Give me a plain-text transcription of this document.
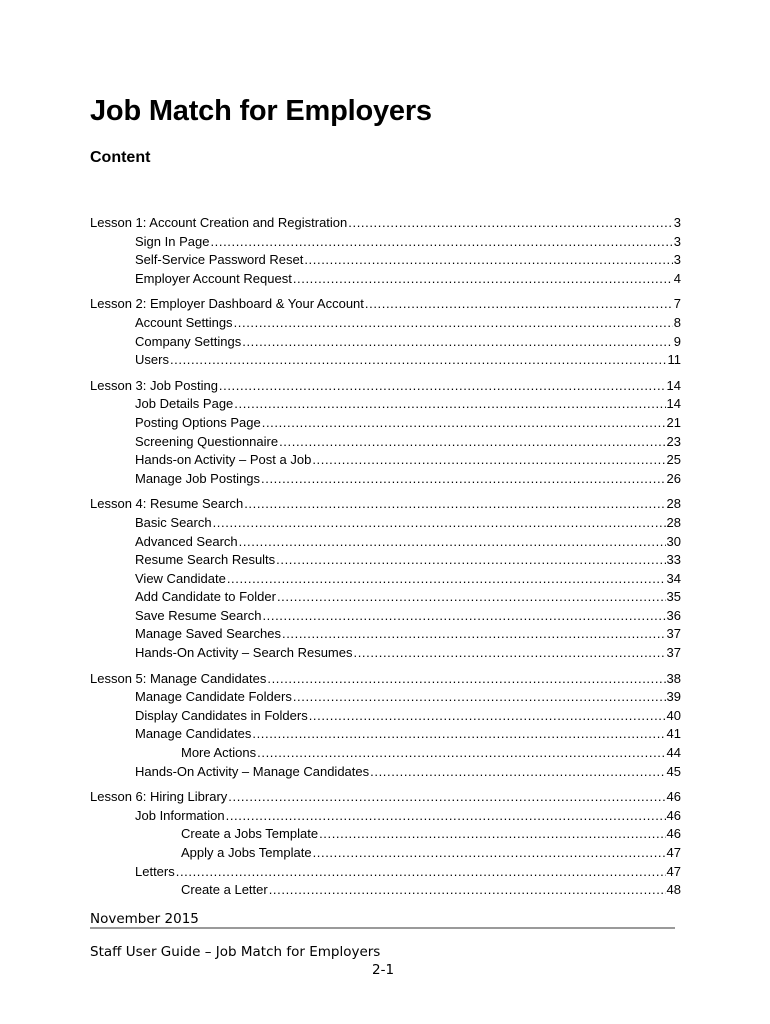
Job Match for Employers
Content
Lesson 1: Account Creation and Registration .....	3
Sign In Page .....	3
Self-Service Password Reset .....	3
Employer Account Request .....	4
Lesson 2: Employer Dashboard & Your Account .....	7
Account Settings .....	8
Company Settings .....	9
Users .....	11
Lesson 3: Job Posting .....	14
Job Details Page .....	14
Posting Options Page .....	21
Screening Questionnaire .....	23
Hands-on Activity – Post a Job .....	25
Manage Job Postings .....	26
Lesson 4: Resume Search .....	28
Basic Search .....	28
Advanced Search .....	30
Resume Search Results .....	33
View Candidate .....	34
Add Candidate to Folder .....	35
Save Resume Search .....	36
Manage Saved Searches .....	37
Hands-On Activity – Search Resumes .....	37
Lesson 5: Manage Candidates .....	38
Manage Candidate Folders .....	39
Display Candidates in Folders .....	40
Manage Candidates .....	41
More Actions .....	44
Hands-On Activity – Manage Candidates .....	45
Lesson 6: Hiring Library .....	46
Job Information .....	46
Create a Jobs Template .....	46
Apply a Jobs Template .....	47
Letters .....	47
Create a Letter .....	48
November 2015
Staff User Guide – Job Match for Employers
2-1
